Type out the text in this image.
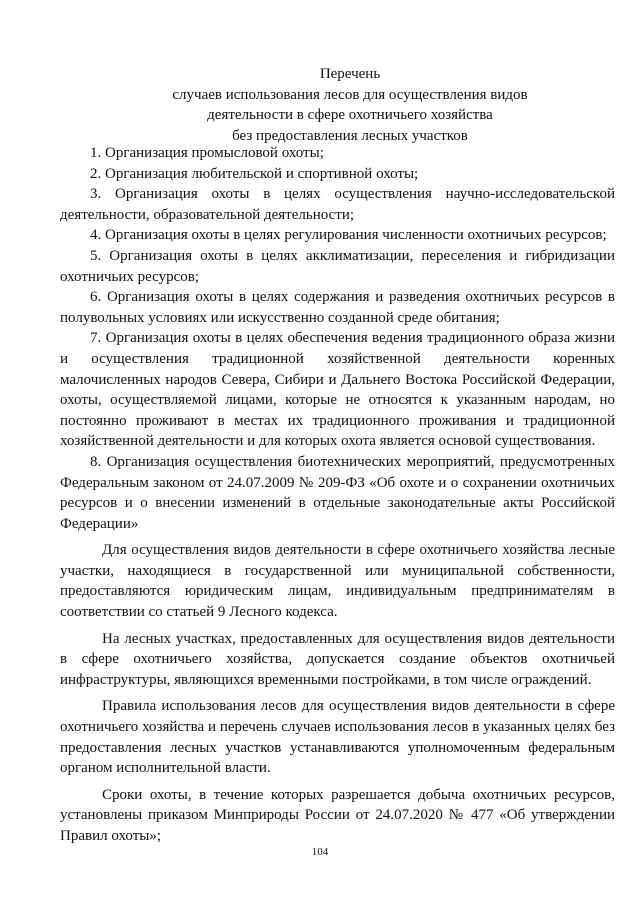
Перечень
случаев использования лесов для осуществления видов
деятельности в сфере охотничьего хозяйства
без предоставления лесных участков

1. Организация промысловой охоты;

2. Организация любительской и спортивной охоты;

3. Организация охоты в целях осуществления научно-исследовательской деятельности, образовательной деятельности;

4. Организация охоты в целях регулирования численности охотничьих ресурсов;

5. Организация охоты в целях акклиматизации, переселения и гибридизации охотничьих ресурсов;

6. Организация охоты в целях содержания и разведения охотничьих ресурсов в полувольных условиях или искусственно созданной среде обитания;

7. Организация охоты в целях обеспечения ведения традиционного образа жизни и осуществления традиционной хозяйственной деятельности коренных малочисленных народов Севера, Сибири и Дальнего Востока Российской Федерации, охоты, осуществляемой лицами, которые не относятся к указанным народам, но постоянно проживают в местах их традиционного проживания и традиционной хозяйственной деятельности и для которых охота является основой существования.

8. Организация осуществления биотехнических мероприятий, предусмотренных Федеральным законом от 24.07.2009 № 209-ФЗ «Об охоте и о сохранении охотничьих ресурсов и о внесении изменений в отдельные законодательные акты Российской Федерации»

Для осуществления видов деятельности в сфере охотничьего хозяйства лесные участки, находящиеся в государственной или муниципальной собственности, предоставляются юридическим лицам, индивидуальным предпринимателям в соответствии со статьей 9 Лесного кодекса.

На лесных участках, предоставленных для осуществления видов деятельности в сфере охотничьего хозяйства, допускается создание объектов охотничьей инфраструктуры, являющихся временными постройками, в том числе ограждений.

Правила использования лесов для осуществления видов деятельности в сфере охотничьего хозяйства и перечень случаев использования лесов в указанных целях без предоставления лесных участков устанавливаются уполномоченным федеральным органом исполнительной власти.

Сроки охоты, в течение которых разрешается добыча охотничьих ресурсов, установлены приказом Минприроды России от 24.07.2020 № 477 «Об утверждении Правил охоты»;

104
